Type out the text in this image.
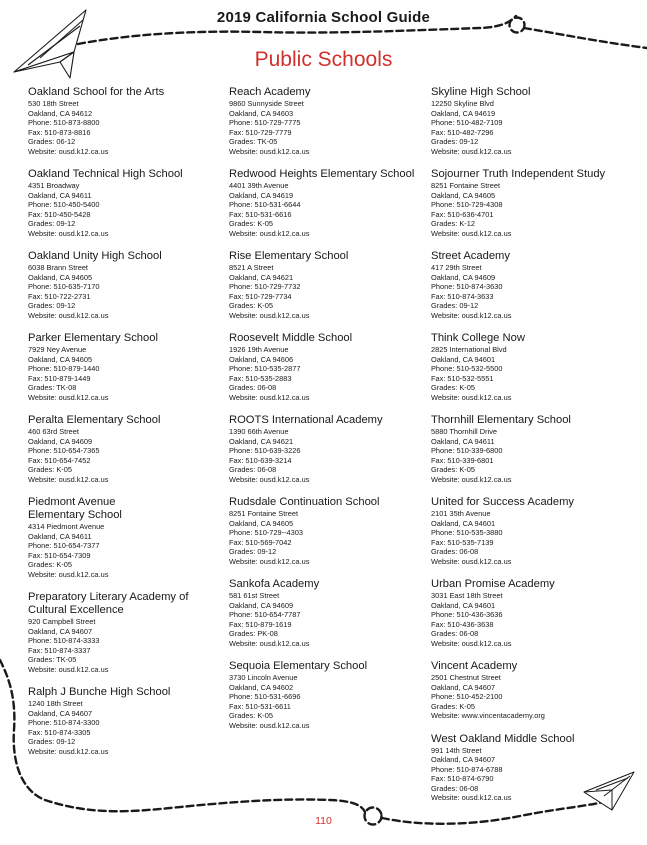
2019 California School Guide
Public Schools
Oakland School for the Arts
530 18th Street
Oakland, CA 94612
Phone: 510-873-8800
Fax: 510-873-8816
Grades: 06-12
Website: ousd.k12.ca.us
Oakland Technical High School
4351 Broadway
Oakland, CA 94611
Phone: 510-450-5400
Fax: 510-450-5428
Grades: 09-12
Website: ousd.k12.ca.us
Oakland Unity High School
6038 Brann Street
Oakland, CA 94605
Phone: 510-635-7170
Fax: 510-722-2731
Grades: 09-12
Website: ousd.k12.ca.us
Parker Elementary School
7929 Ney Avenue
Oakland, CA 94605
Phone: 510-879-1440
Fax: 510-879-1449
Grades: TK-08
Website: ousd.k12.ca.us
Peralta Elementary School
460 63rd Street
Oakland, CA 94609
Phone: 510-654-7365
Fax: 510-654-7452
Grades: K-05
Website: ousd.k12.ca.us
Piedmont Avenue
Elementary School
4314 Piedmont Avenue
Oakland, CA 94611
Phone: 510-654-7377
Fax: 510-654-7309
Grades: K-05
Website: ousd.k12.ca.us
Preparatory Literary Academy of
Cultural Excellence
920 Campbell Street
Oakland, CA 94607
Phone: 510-874-3333
Fax: 510-874-3337
Grades: TK-05
Website: ousd.k12.ca.us
Ralph J Bunche High School
1240 18th Street
Oakland, CA 94607
Phone: 510-874-3300
Fax: 510-874-3305
Grades: 09-12
Website: ousd.k12.ca.us
Reach Academy
9860 Sunnyside Street
Oakland, CA 94603
Phone: 510-729-7775
Fax: 510-729-7779
Grades: TK-05
Website: ousd.k12.ca.us
Redwood Heights Elementary School
4401 39th Avenue
Oakland, CA 94619
Phone: 510-531-6644
Fax: 510-531-6616
Grades: K-05
Website: ousd.k12.ca.us
Rise Elementary School
8521 A Street
Oakland, CA 94621
Phone: 510-729-7732
Fax: 510-729-7734
Grades: K-05
Website: ousd.k12.ca.us
Roosevelt Middle School
1926 19th Avenue
Oakland, CA 94606
Phone: 510-535-2877
Fax: 510-535-2883
Grades: 06-08
Website: ousd.k12.ca.us
ROOTS International Academy
1390 66th Avenue
Oakland, CA 94621
Phone: 510-639-3226
Fax: 510-639-3214
Grades: 06-08
Website: ousd.k12.ca.us
Rudsdale Continuation School
8251 Fontaine Street
Oakland, CA 94605
Phone: 510-729--4303
Fax: 510-569-7042
Grades: 09-12
Website: ousd.k12.ca.us
Sankofa Academy
581 61st Street
Oakland, CA 94609
Phone: 510-654-7787
Fax: 510-879-1619
Grades: PK-08
Website: ousd.k12.ca.us
Sequoia Elementary School
3730 Lincoln Avenue
Oakland, CA 94602
Phone: 510-531-6696
Fax: 510-531-6611
Grades: K-05
Website: ousd.k12.ca.us
Skyline High School
12250 Skyline Blvd
Oakland, CA 94619
Phone: 510-482-7109
Fax: 510-482-7296
Grades: 09-12
Website: ousd.k12.ca.us
Sojourner Truth Independent Study
8251 Fontaine Street
Oakland, CA 94605
Phone: 510-729-4308
Fax: 510-636-4701
Grades: K-12
Website: ousd.k12.ca.us
Street Academy
417 29th Street
Oakland, CA 94609
Phone: 510-874-3630
Fax: 510-874-3633
Grades: 09-12
Website: ousd.k12.ca.us
Think College Now
2825 International Blvd
Oakland, CA 94601
Phone: 510-532-5500
Fax: 510-532-5551
Grades: K-05
Website: ousd.k12.ca.us
Thornhill Elementary School
5880 Thornhill Drive
Oakland, CA 94611
Phone: 510-339-6800
Fax: 510-339-6801
Grades: K-05
Website: ousd.k12.ca.us
United for Success Academy
2101 35th Avenue
Oakland, CA 94601
Phone: 510-535-3880
Fax: 510-535-7139
Grades: 06-08
Website: ousd.k12.ca.us
Urban Promise Academy
3031 East 18th Street
Oakland, CA 94601
Phone: 510-436-3636
Fax: 510-436-3638
Grades: 06-08
Website: ousd.k12.ca.us
Vincent Academy
2501 Chestnut Street
Oakland, CA 94607
Phone: 510-452-2100
Grades: K-05
Website: www.vincentacademy.org
West Oakland Middle School
991 14th Street
Oakland, CA 94607
Phone: 510-874-6788
Fax: 510-874-6790
Grades: 06-08
Website: ousd.k12.ca.us
110
